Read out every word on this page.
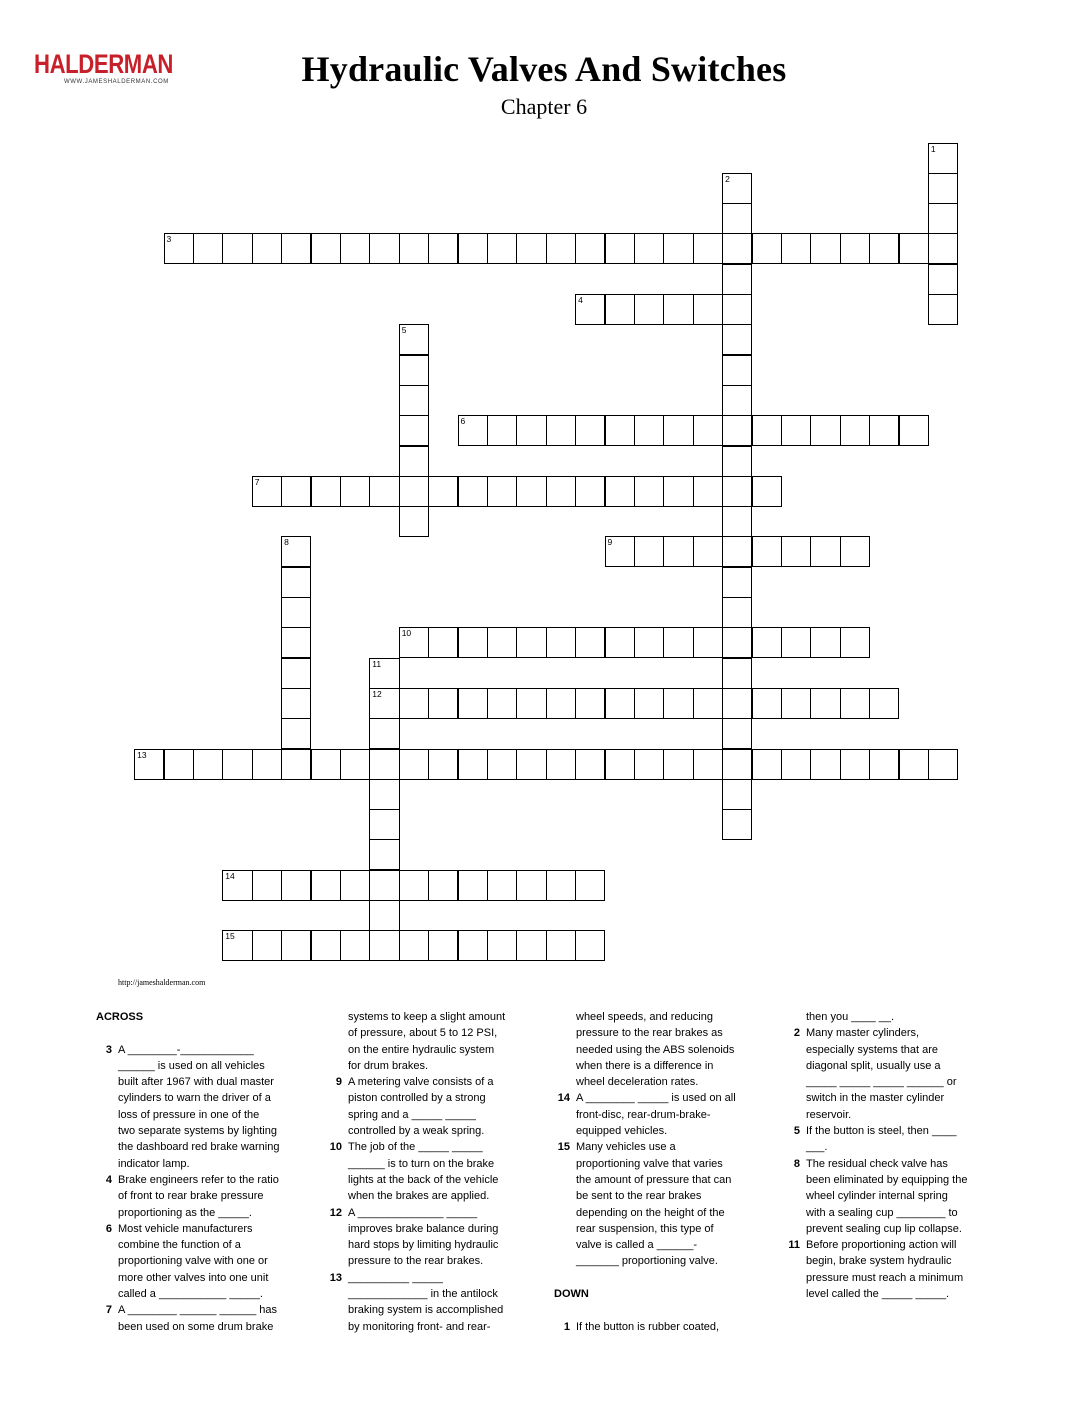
HALDERMAN
WWW.JAMESHALDERMAN.COM	Hydraulic Valves And Switches
Chapter 6
1
2
3
4
5
6
7
8	9
10
11
12
13
14
15
http://jameshalderman.com
ACROSS
3 A ________-____________
______ is used on all vehicles
built after 1967 with dual master
cylinders to warn the driver of a
loss of pressure in one of the
two separate systems by lighting
the dashboard red brake warning
indicator lamp.
4 Brake engineers refer to the ratio
of front to rear brake pressure
proportioning as the _____.
6 Most vehicle manufacturers
combine the function of a
proportioning valve with one or
more other valves into one unit
called a ___________ _____.
7 A ________ ______ ______ has
been used on some drum brake
systems to keep a slight amount
of pressure, about 5 to 12 PSI,
on the entire hydraulic system
for drum brakes.
9 A metering valve consists of a
piston controlled by a strong
spring and a _____ _____
controlled by a weak spring.
10 The job of the _____ _____
______ is to turn on the brake
lights at the back of the vehicle
when the brakes are applied.
12 A ______________ _____
improves brake balance during
hard stops by limiting hydraulic
pressure to the rear brakes.
13 __________ _____
_____________ in the antilock
braking system is accomplished
by monitoring front- and rear-
wheel speeds, and reducing
pressure to the rear brakes as
needed using the ABS solenoids
when there is a difference in
wheel deceleration rates.
14 A ________ _____ is used on all
front-disc, rear-drum-brake-
equipped vehicles.
15 Many vehicles use a
proportioning valve that varies
the amount of pressure that can
be sent to the rear brakes
depending on the height of the
rear suspension, this type of
valve is called a ______-
_______ proportioning valve.
DOWN
1 If the button is rubber coated,
then you ____ __.
2 Many master cylinders,
especially systems that are
diagonal split, usually use a
_____ _____ _____ ______ or
switch in the master cylinder
reservoir.
5 If the button is steel, then ____
___.
8 The residual check valve has
been eliminated by equipping the
wheel cylinder internal spring
with a sealing cup ________ to
prevent sealing cup lip collapse.
11 Before proportioning action will
begin, brake system hydraulic
pressure must reach a minimum
level called the _____ _____.
